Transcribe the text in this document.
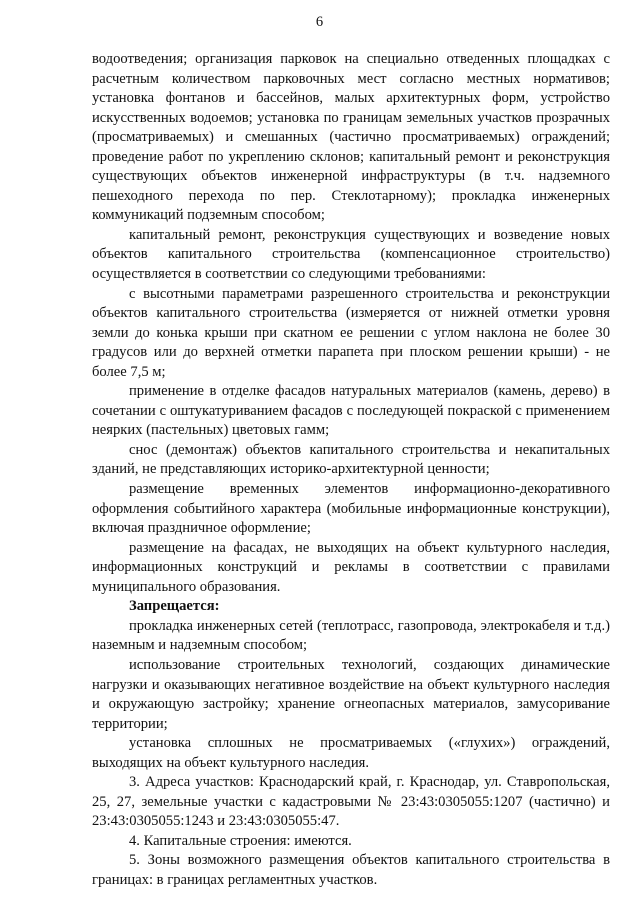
6

водоотведения; организация парковок на специально отведенных площадках с расчетным количеством парковочных мест согласно местных нормативов; установка фонтанов и бассейнов, малых архитектурных форм, устройство искусственных водоемов; установка по границам земельных участков прозрачных (просматриваемых) и смешанных (частично просматриваемых) ограждений; проведение работ по укреплению склонов; капитальный ремонт и реконструкция существующих объектов инженерной инфраструктуры (в т.ч. надземного пешеходного перехода по пер. Стеклотарному); прокладка инженерных коммуникаций подземным способом;

капитальный ремонт, реконструкция существующих и возведение новых объектов капитального строительства (компенсационное строительство) осуществляется в соответствии со следующими требованиями:

с высотными параметрами разрешенного строительства и реконструкции объектов капитального строительства (измеряется от нижней отметки уровня земли до конька крыши при скатном ее решении с углом наклона не более 30 градусов или до верхней отметки парапета при плоском решении крыши) - не более 7,5 м;

применение в отделке фасадов натуральных материалов (камень, дерево) в сочетании с оштукатуриванием фасадов с последующей покраской с применением неярких (пастельных) цветовых гамм;

снос (демонтаж) объектов капитального строительства и некапитальных зданий, не представляющих историко-архитектурной ценности;

размещение временных элементов информационно-декоративного оформления событийного характера (мобильные информационные конструкции), включая праздничное оформление;

размещение на фасадах, не выходящих на объект культурного наследия, информационных конструкций и рекламы в соответствии с правилами муниципального образования.

Запрещается:

прокладка инженерных сетей (теплотрасс, газопровода, электрокабеля и т.д.) наземным и надземным способом;

использование строительных технологий, создающих динамические нагрузки и оказывающих негативное воздействие на объект культурного наследия и окружающую застройку; хранение огнеопасных материалов, замусоривание территории;

установка сплошных не просматриваемых («глухих») ограждений, выходящих на объект культурного наследия.

3. Адреса участков: Краснодарский край, г. Краснодар, ул. Ставропольская, 25, 27, земельные участки с кадастровыми № 23:43:0305055:1207 (частично) и 23:43:0305055:1243 и 23:43:0305055:47.

4. Капитальные строения: имеются.

5. Зоны возможного размещения объектов капитального строительства в границах: в границах регламентных участков.
